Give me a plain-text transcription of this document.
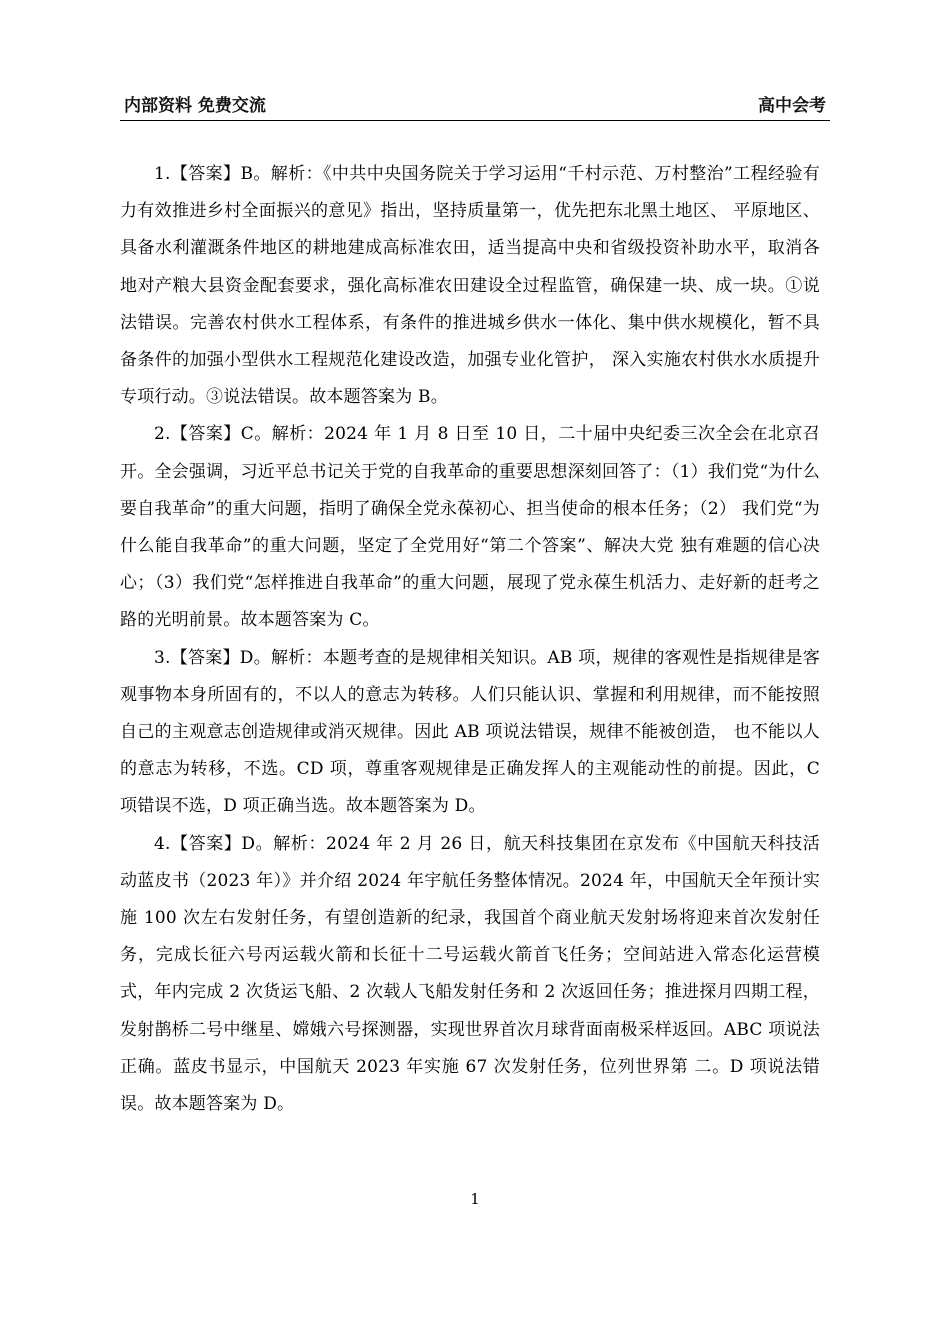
内部资料 免费交流	高中会考

1.【答案】B。解析：《中共中央国务院关于学习运用“千村示范、万村整治”工程经验有力有效推进乡村全面振兴的意见》指出，坚持质量第一，优先把东北黑土地区、 平原地区、具备水利灌溉条件地区的耕地建成高标准农田，适当提高中央和省级投资补助水平，取消各地对产粮大县资金配套要求，强化高标准农田建设全过程监管，确保建一块、成一块。①说法错误。完善农村供水工程体系，有条件的推进城乡供水一体化、集中供水规模化，暂不具备条件的加强小型供水工程规范化建设改造，加强专业化管护， 深入实施农村供水水质提升专项行动。③说法错误。故本题答案为 B。

2.【答案】C。解析：2024 年 1 月 8 日至 10 日，二十届中央纪委三次全会在北京召开。全会强调，习近平总书记关于党的自我革命的重要思想深刻回答了：（1）我们党“为什么要自我革命”的重大问题，指明了确保全党永葆初心、担当使命的根本任务；（2） 我们党“为什么能自我革命”的重大问题，坚定了全党用好“第二个答案”、解决大党 独有难题的信心决心；（3）我们党“怎样推进自我革命”的重大问题，展现了党永葆生机活力、走好新的赶考之路的光明前景。故本题答案为 C。

3.【答案】D。解析：本题考查的是规律相关知识。AB 项，规律的客观性是指规律是客观事物本身所固有的，不以人的意志为转移。人们只能认识、掌握和利用规律，而不能按照自己的主观意志创造规律或消灭规律。因此 AB 项说法错误，规律不能被创造， 也不能以人的意志为转移，不选。CD 项，尊重客观规律是正确发挥人的主观能动性的前提。因此，C 项错误不选，D 项正确当选。故本题答案为 D。

4.【答案】D。解析：2024 年 2 月 26 日，航天科技集团在京发布《中国航天科技活动蓝皮书（2023 年）》并介绍 2024 年宇航任务整体情况。2024 年，中国航天全年预计实施 100 次左右发射任务，有望创造新的纪录，我国首个商业航天发射场将迎来首次发射任务，完成长征六号丙运载火箭和长征十二号运载火箭首飞任务；空间站进入常态化运营模式，年内完成 2 次货运飞船、2 次载人飞船发射任务和 2 次返回任务；推进探月四期工程，发射鹊桥二号中继星、嫦娥六号探测器，实现世界首次月球背面南极采样返回。ABC 项说法正确。蓝皮书显示，中国航天 2023 年实施 67 次发射任务，位列世界第 二。D 项说法错误。故本题答案为 D。

1
